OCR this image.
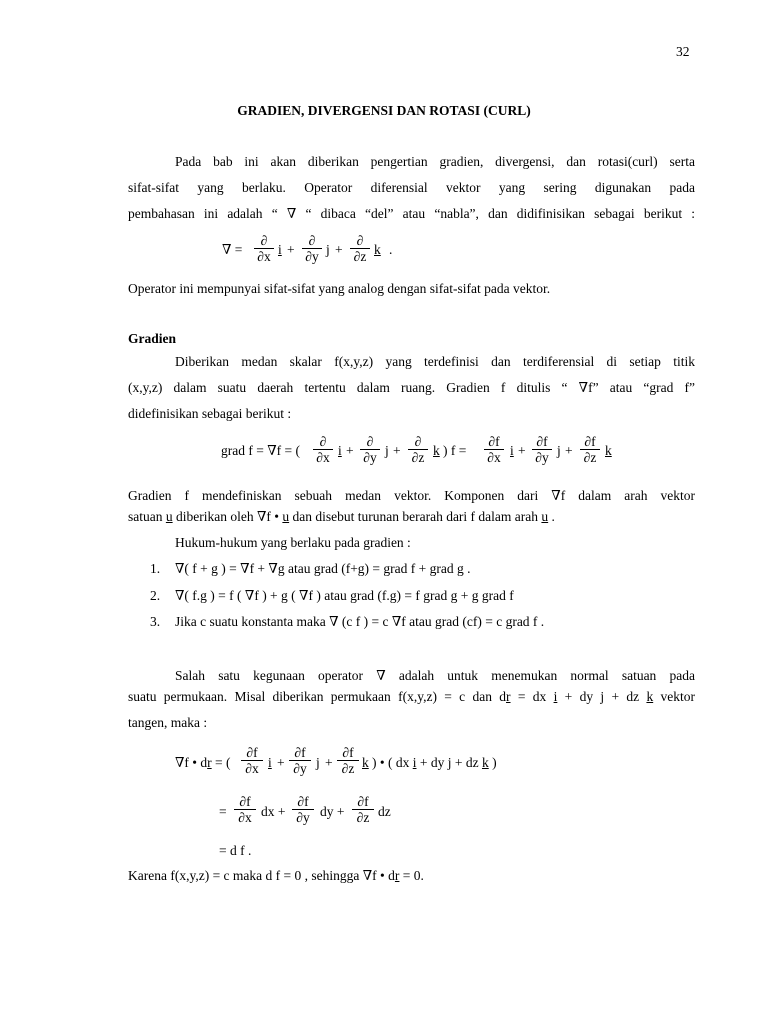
32
GRADIEN, DIVERGENSI DAN ROTASI (CURL)
Pada bab ini akan diberikan pengertian gradien, divergensi, dan rotasi(curl) serta
sifat-sifat yang berlaku. Operator diferensial vektor yang sering digunakan pada
pembahasan ini adalah “ ∇ “ dibaca “del” atau “nabla”, dan didifinisikan sebagai berikut :
∇ =
∂
∂x i +
∂
∂y j +
∂
∂z k .
Operator ini mempunyai sifat-sifat yang analog dengan sifat-sifat pada vektor.
Gradien
Diberikan medan skalar f(x,y,z) yang terdefinisi dan terdiferensial di setiap titik
(x,y,z) dalam suatu daerah tertentu dalam ruang. Gradien f ditulis “ ∇f” atau “grad f”
didefinisikan sebagai berikut :
grad f = ∇f = (
∂
∂x i +
∂
∂y j +
∂
∂z k ) $f = \frac{\partial f}{\partial x}$ $i + \frac{\partial f}{\partial y}$ $j + \frac{\partial f}{\partial z}$ k
Gradien f mendefiniskan sebuah medan vektor. Komponen dari ∇f dalam arah vektor
satuan u diberikan oleh ∇f • u dan disebut turunan berarah dari f dalam arah u .
Hukum-hukum yang berlaku pada gradien :
1. ∇( f + g ) = ∇f + ∇g atau grad (f+g) = grad f + grad g .
2. ∇( f.g ) = f ( ∇f ) + g ( ∇f ) atau grad (f.g) = f grad g + g grad f
3. Jika c suatu konstanta maka ∇ (c f ) = c ∇f atau grad (cf) = c grad f .
Salah satu kegunaan operator ∇ adalah untuk menemukan normal satuan pada
suatu permukaan. Misal diberikan permukaan f(x,y,z) = c dan dr = dx i + dy j + dz k vektor
tangen, maka :
∇f • dr = ( $\frac{\partial f}{\partial x}$ $i + \frac{\partial f}{\partial y}$ $j + \frac{\partial f}{\partial z}$ k ) • ( dx i + dy j + dz k )
= $\frac{\partial f}{\partial x}$ dx + $\frac{\partial f}{\partial y}$ dy + $\frac{\partial f}{\partial z}$ dz
= d f .
Karena f(x,y,z) = c maka d f = 0 , sehingga ∇f • dr = 0.
